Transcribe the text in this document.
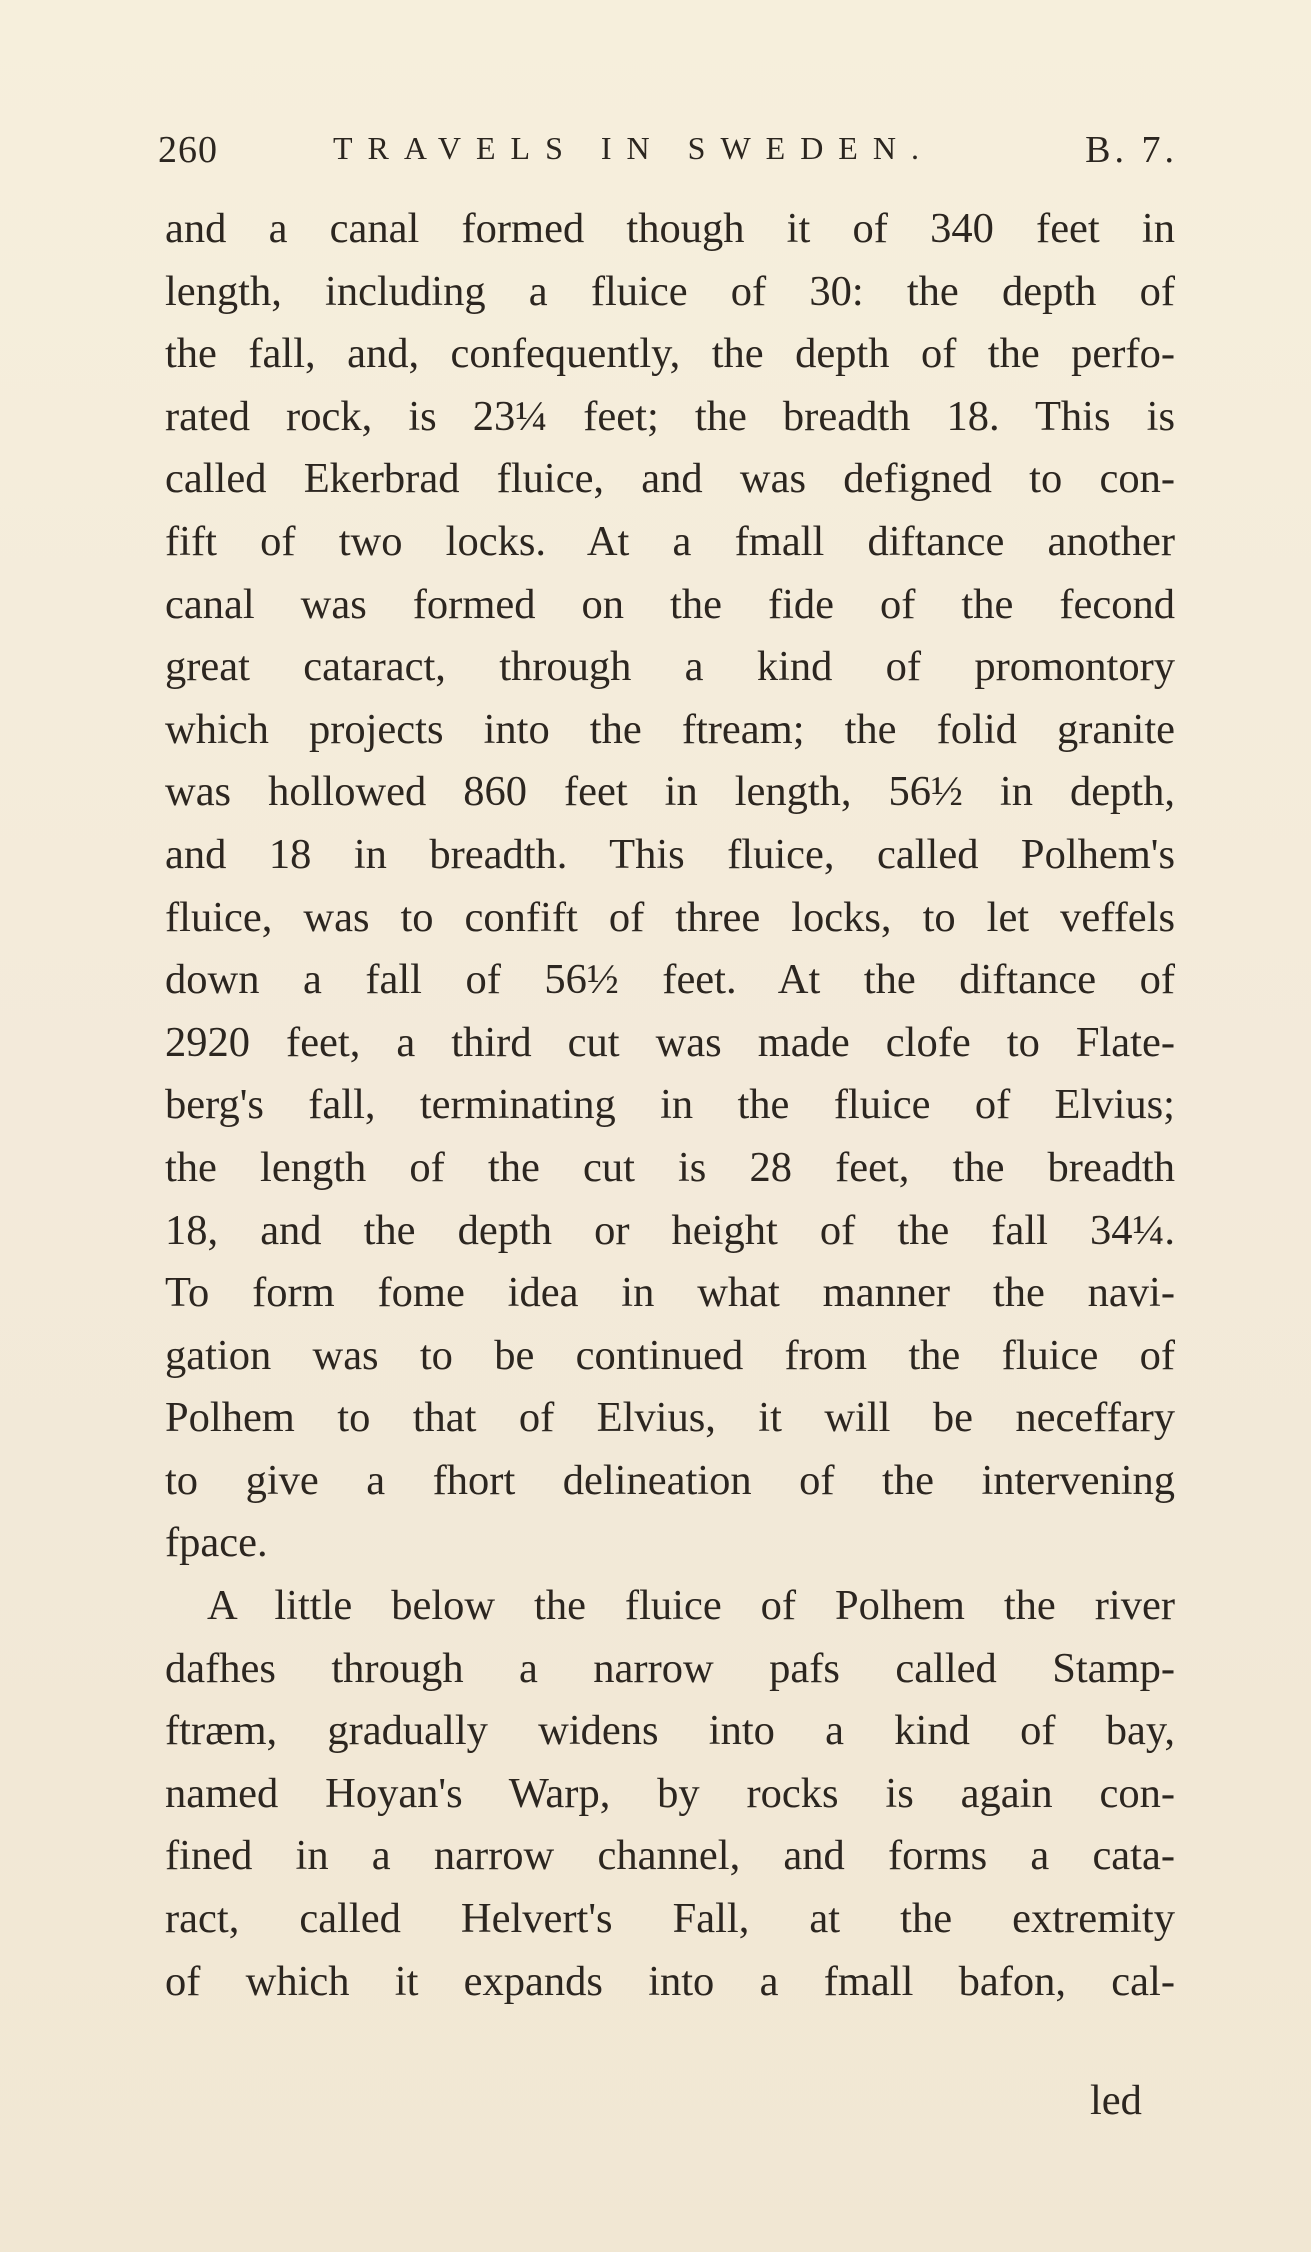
260	TRAVELS IN SWEDEN.	B. 7.
and a canal formed though it of 340 feet in
length, including a fluice of 30: the depth of
the fall, and, confequently, the depth of the perfo-
rated rock, is 23¼ feet; the breadth 18. This is
called Ekerbrad fluice, and was defigned to con-
fift of two locks. At a fmall diftance another
canal was formed on the fide of the fecond
great cataract, through a kind of promontory
which projects into the ftream; the folid granite
was hollowed 860 feet in length, 56½ in depth,
and 18 in breadth. This fluice, called Polhem's
fluice, was to confift of three locks, to let veffels
down a fall of 56½ feet. At the diftance of
2920 feet, a third cut was made clofe to Flate-
berg's fall, terminating in the fluice of Elvius;
the length of the cut is 28 feet, the breadth
18, and the depth or height of the fall 34¼.
To form fome idea in what manner the navi-
gation was to be continued from the fluice of
Polhem to that of Elvius, it will be neceffary
to give a fhort delineation of the intervening
fpace.
A little below the fluice of Polhem the river
dafhes through a narrow pafs called Stamp-
ftræm, gradually widens into a kind of bay,
named Hoyan's Warp, by rocks is again con-
fined in a narrow channel, and forms a cata-
ract, called Helvert's Fall, at the extremity
of which it expands into a fmall bafon, cal-
led
